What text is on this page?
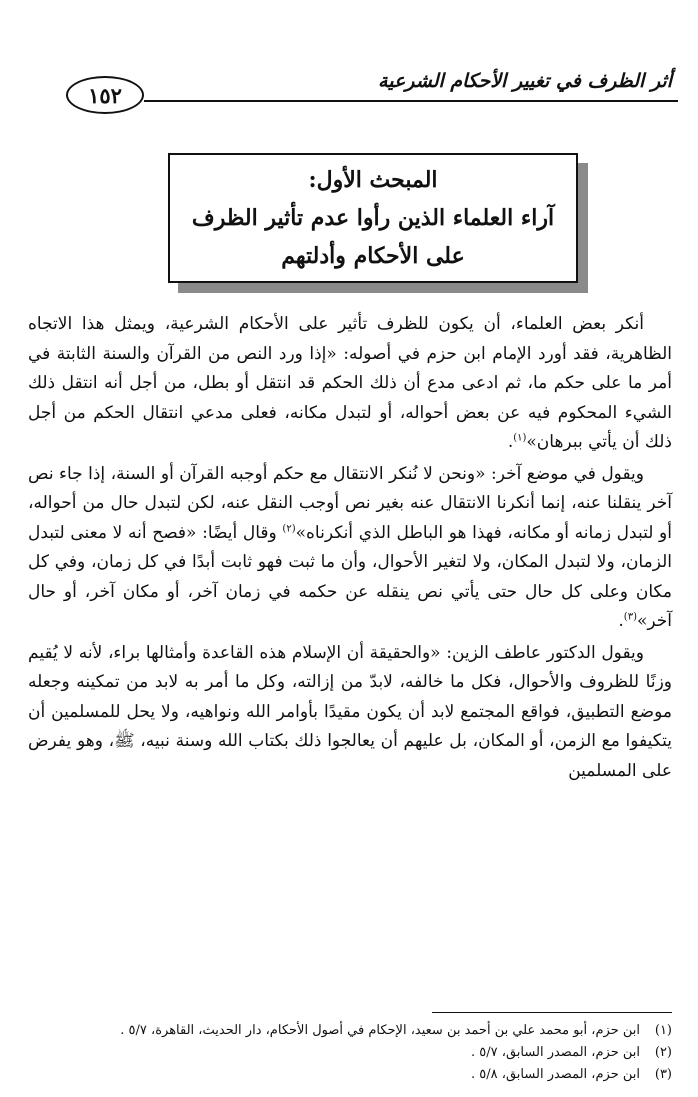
أثر الظرف في تغيير الأحكام الشرعية
١٥٢
المبحث الأول:
آراء العلماء الذين رأوا عدم تأثير الظرف
على الأحكام وأدلتهم

أنكر بعض العلماء، أن يكون للظرف تأثير على الأحكام الشرعية، ويمثل هذا الاتجاه الظاهرية، فقد أورد الإمام ابن حزم في أصوله: «إذا ورد النص من القرآن والسنة الثابتة في أمر ما على حكم ما، ثم ادعى مدع أن ذلك الحكم قد انتقل أو بطل، من أجل أنه انتقل ذلك الشيء المحكوم فيه عن بعض أحواله، أو لتبدل مكانه، فعلى مدعي انتقال الحكم من أجل ذلك أن يأتي ببرهان»$^{(١)}$.

ويقول في موضع آخر: «ونحن لا نُنكر الانتقال مع حكم أوجبه القرآن أو السنة، إذا جاء نص آخر ينقلنا عنه، إنما أنكرنا الانتقال عنه بغير نص أوجب النقل عنه، لكن لتبدل حال من أحواله، أو لتبدل زمانه أو مكانه، فهذا هو الباطل الذي أنكرناه»$^{(٢)}$ وقال أيضًا: «فصح أنه لا معنى لتبدل الزمان، ولا لتبدل المكان، ولا لتغير الأحوال، وأن ما ثبت فهو ثابت أبدًا في كل زمان، وفي كل مكان وعلى كل حال حتى يأتي نص ينقله عن حكمه في زمان آخر، أو مكان آخر، أو حال آخر»$^{(٣)}$.

ويقول الدكتور عاطف الزين: «والحقيقة أن الإسلام هذه القاعدة وأمثالها براء، لأنه لا يُقيم وزنًا للظروف والأحوال، فكل ما خالفه، لابدّ من إزالته، وكل ما أمر به لابد من تمكينه وجعله موضع التطبيق، فواقع المجتمع لابد أن يكون مقيدًا بأوامر الله ونواهيه، ولا يحل للمسلمين أن يتكيفوا مع الزمن، أو المكان، بل عليهم أن يعالجوا ذلك بكتاب الله وسنة نبيه، ﷺ، وهو يفرض على المسلمين

(١)
ابن حزم، أبو محمد علي بن أحمد بن سعيد، الإحكام في أصول الأحكام، دار الحديث، القاهرة، ٥/٧ .
(٢)
ابن حزم، المصدر السابق، ٥/٧ .
(٣)
ابن حزم، المصدر السابق، ٥/٨ .
